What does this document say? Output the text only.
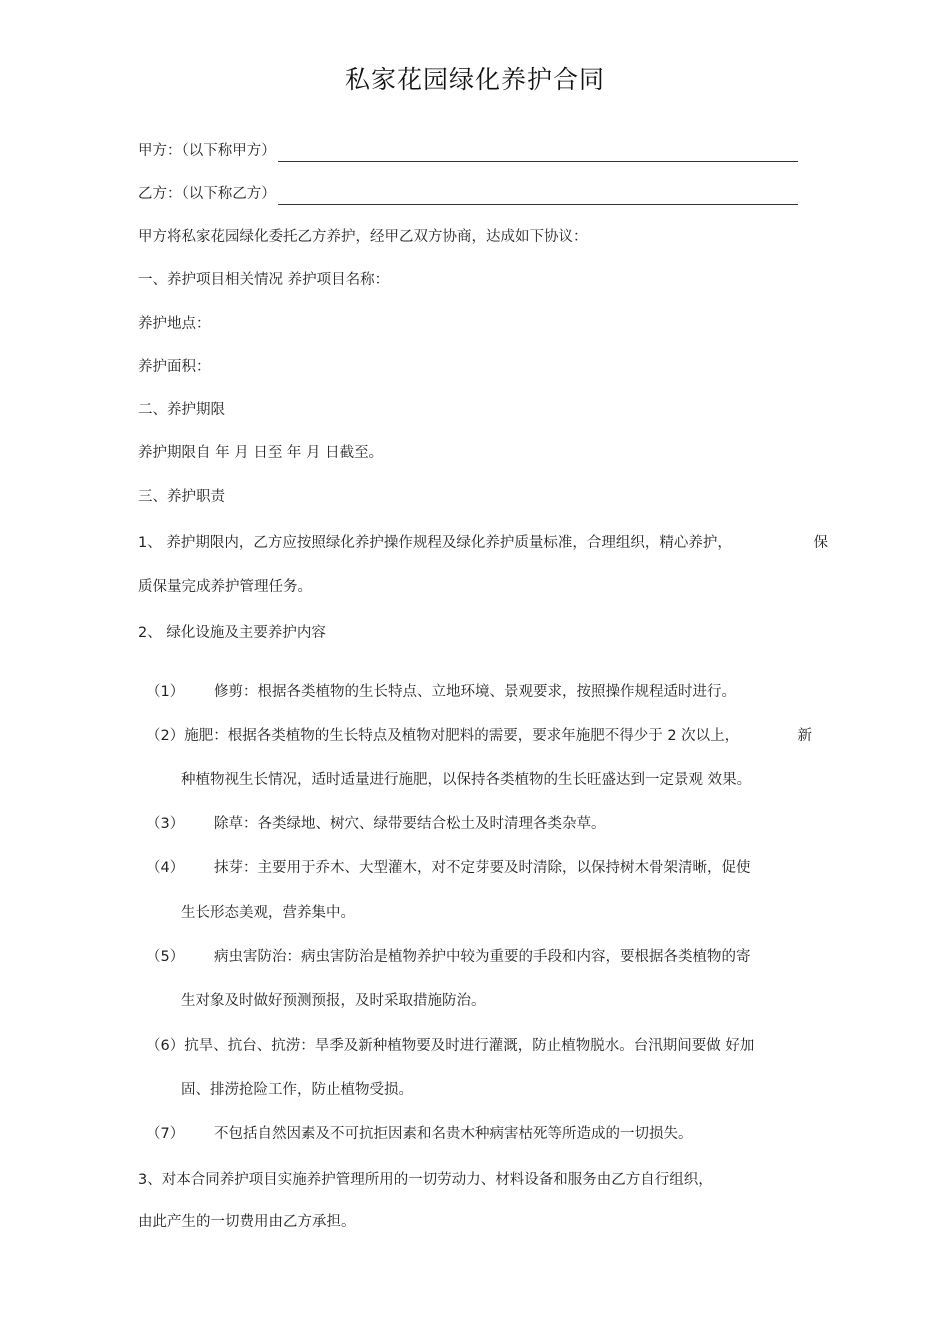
私家花园绿化养护合同
甲方：（以下称甲方）
乙方：（以下称乙方）
甲方将私家花园绿化委托乙方养护，经甲乙双方协商，达成如下协议：
一、养护项目相关情况 养护项目名称：
养护地点：
养护面积：
二、养护期限
养护期限自 年 月 日至 年 月 日截至。
三、养护职责
1、 养护期限内，乙方应按照绿化养护操作规程及绿化养护质量标准，合理组织，精心养护，	保
质保量完成养护管理任务。
2、 绿化设施及主要养护内容
（1） 修剪：根据各类植物的生长特点、立地环境、景观要求，按照操作规程适时进行。
（2）施肥：根据各类植物的生长特点及植物对肥料的需要，要求年施肥不得少于 2 次以上，	新
种植物视生长情况，适时适量进行施肥，以保持各类植物的生长旺盛达到一定景观 效果。
（3） 除草：各类绿地、树穴、绿带要结合松土及时清理各类杂草。
（4） 抹芽：主要用于乔木、大型灌木，对不定芽要及时清除，以保持树木骨架清晰，促使
生长形态美观，营养集中。
（5） 病虫害防治：病虫害防治是植物养护中较为重要的手段和内容，要根据各类植物的寄
生对象及时做好预测预报，及时采取措施防治。
（6）抗旱、抗台、抗涝：旱季及新种植物要及时进行灌溉，防止植物脱水。台汛期间要做 好加
固、排涝抢险工作，防止植物受损。
（7） 不包括自然因素及不可抗拒因素和名贵木种病害枯死等所造成的一切损失。
3、对本合同养护项目实施养护管理所用的一切劳动力、材料设备和服务由乙方自行组织，
由此产生的一切费用由乙方承担。
